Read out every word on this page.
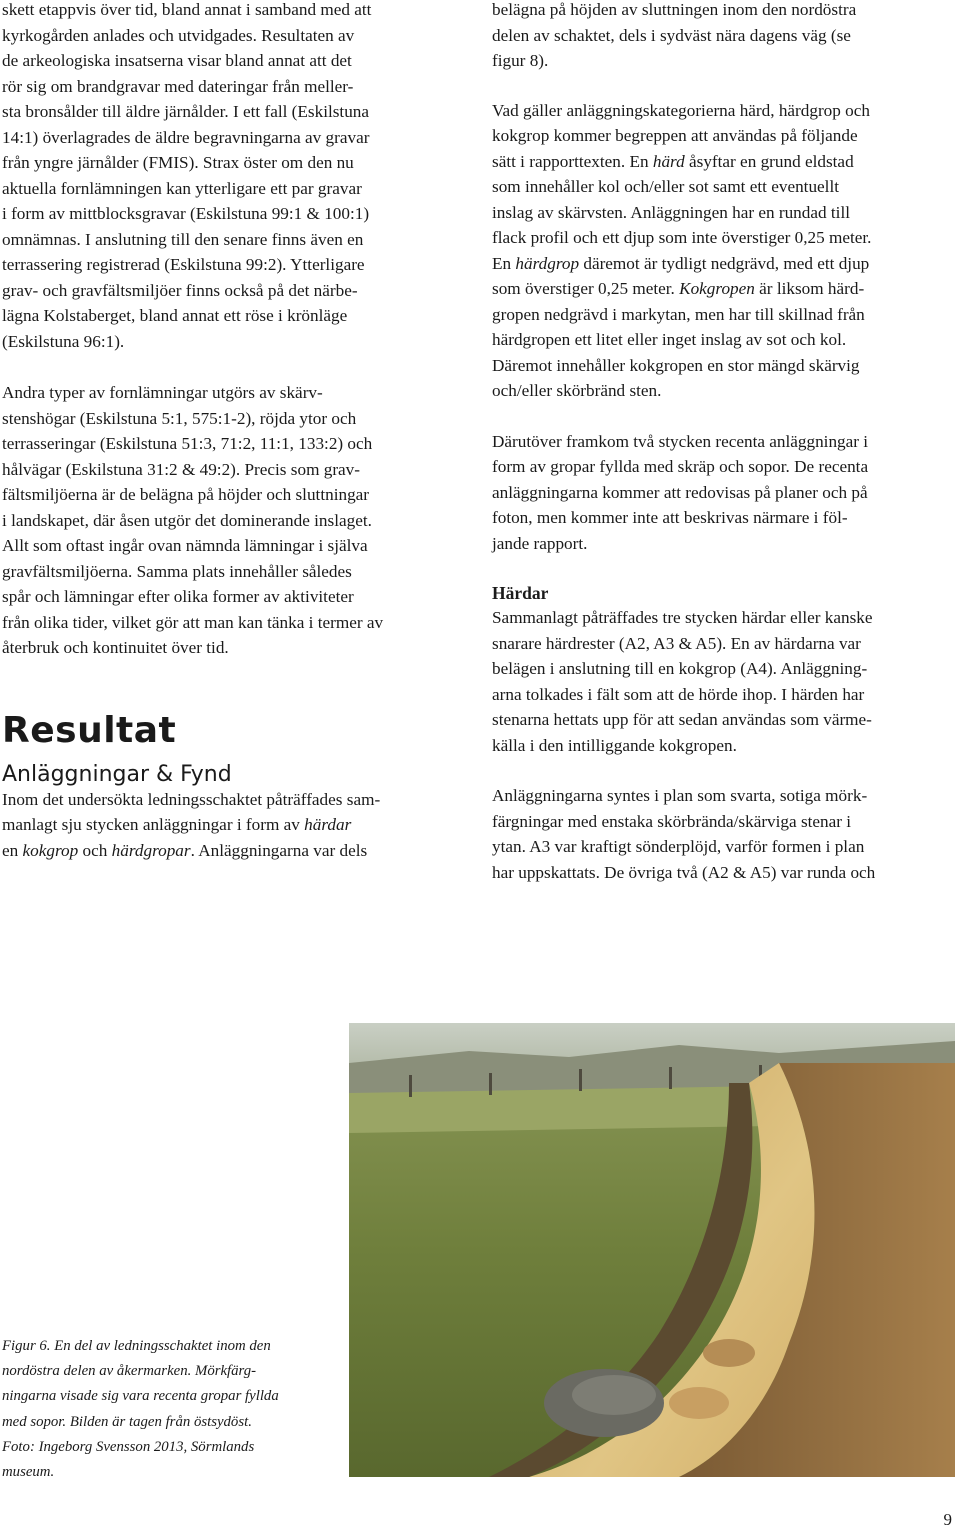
skett etappvis över tid, bland annat i samband med att
kyrkogården anlades och utvidgades. Resultaten av
de arkeologiska insatserna visar bland annat att det
rör sig om brandgravar med dateringar från meller-
sta bronsålder till äldre järnålder. I ett fall (Eskilstuna
14:1) överlagrades de äldre begravningarna av gravar
från yngre järnålder (FMIS). Strax öster om den nu
aktuella fornlämningen kan ytterligare ett par gravar
i form av mittblocksgravar (Eskilstuna 99:1 & 100:1)
omnämnas. I anslutning till den senare finns även en
terrassering registrerad (Eskilstuna 99:2). Ytterligare
grav- och gravfältsmiljöer finns också på det närbe-
lägna Kolstaberget, bland annat ett röse i krönläge
(Eskilstuna 96:1).

Andra typer av fornlämningar utgörs av skärv-
stenshögar (Eskilstuna 5:1, 575:1-2), röjda ytor och
terrasseringar (Eskilstuna 51:3, 71:2, 11:1, 133:2) och
hålvägar (Eskilstuna 31:2 & 49:2). Precis som grav-
fältsmiljöerna är de belägna på höjder och sluttningar
i landskapet, där åsen utgör det dominerande inslaget.
Allt som oftast ingår ovan nämnda lämningar i själva
gravfältsmiljöerna. Samma plats innehåller således
spår och lämningar efter olika former av aktiviteter
från olika tider, vilket gör att man kan tänka i termer av
återbruk och kontinuitet över tid.

Resultat
Anläggningar & Fynd

Inom det undersökta ledningsschaktet påträffades sam-
manlagt sju stycken anläggningar i form av härdar
en kokgrop och härdgropar. Anläggningarna var dels

belägna på höjden av sluttningen inom den nordöstra
delen av schaktet, dels i sydväst nära dagens väg (se
figur 8).

Vad gäller anläggningskategorierna härd, härdgrop och
kokgrop kommer begreppen att användas på följande
sätt i rapporttexten. En härd åsyftar en grund eldstad
som innehåller kol och/eller sot samt ett eventuellt
inslag av skärvsten. Anläggningen har en rundad till
flack profil och ett djup som inte överstiger 0,25 meter.
En härdgrop däremot är tydligt nedgrävd, med ett djup
som överstiger 0,25 meter. Kokgropen är liksom härd-
gropen nedgrävd i markytan, men har till skillnad från
härdgropen ett litet eller inget inslag av sot och kol.
Däremot innehåller kokgropen en stor mängd skärvig
och/eller skörbränd sten.

Därutöver framkom två stycken recenta anläggningar i
form av gropar fyllda med skräp och sopor. De recenta
anläggningarna kommer att redovisas på planer och på
foton, men kommer inte att beskrivas närmare i föl-
jande rapport.

Härdar

Sammanlagt påträffades tre stycken härdar eller kanske
snarare härdrester (A2, A3 & A5). En av härdarna var
belägen i anslutning till en kokgrop (A4). Anläggning-
arna tolkades i fält som att de hörde ihop. I härden har
stenarna hettats upp för att sedan användas som värme-
källa i den intilliggande kokgropen.

Anläggningarna syntes i plan som svarta, sotiga mörk-
färgningar med enstaka skörbrända/skärviga stenar i
ytan. A3 var kraftigt sönderplöjd, varför formen i plan
har uppskattats. De övriga två (A2 & A5) var runda och

Figur 6. En del av ledningsschaktet inom den
nordöstra delen av åkermarken. Mörkfärg-
ningarna visade sig vara recenta gropar fyllda
med sopor. Bilden är tagen från östsydöst.
Foto: Ingeborg Svensson 2013, Sörmlands
museum.

9
